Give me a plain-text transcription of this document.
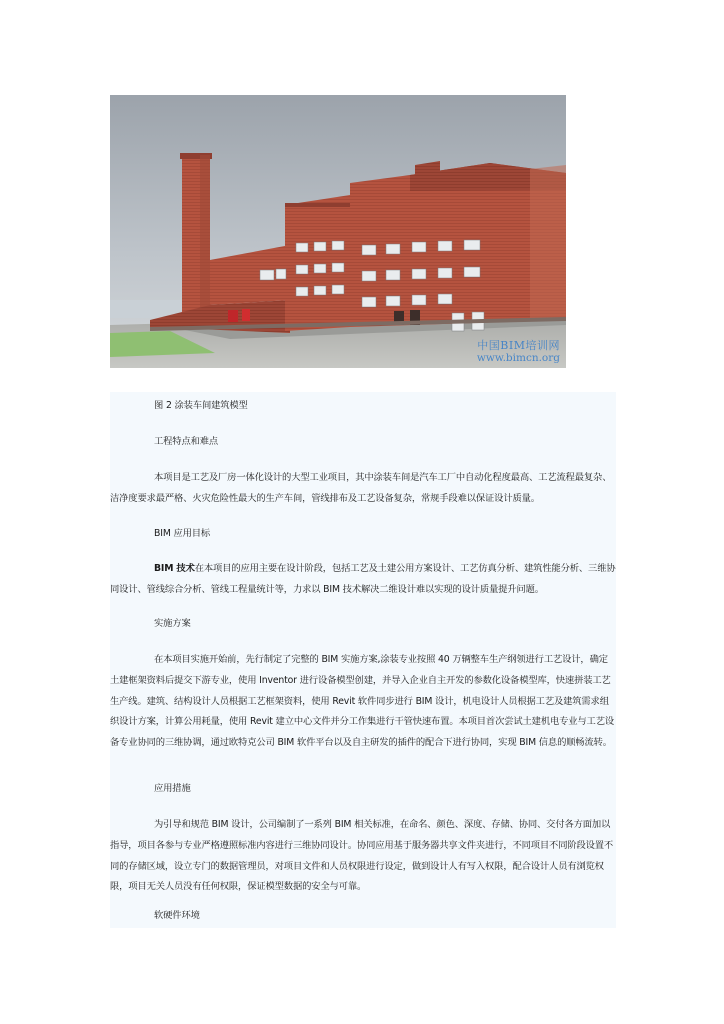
中国BIM培训网
www.bimcn.org
图 2 涂装车间建筑模型
工程特点和难点
本项目是工艺及厂房一体化设计的大型工业项目，其中涂装车间是汽车工厂中自动化程度最高、工艺流程最复杂、洁净度要求最严格、火灾危险性最大的生产车间，管线排布及工艺设备复杂，常规手段难以保证设计质量。
BIM 应用目标
BIM 技术在本项目的应用主要在设计阶段，包括工艺及土建公用方案设计、工艺仿真分析、建筑性能分析、三维协同设计、管线综合分析、管线工程量统计等，力求以 BIM 技术解决二维设计难以实现的设计质量提升问题。
实施方案
在本项目实施开始前，先行制定了完整的 BIM 实施方案,涂装专业按照 40 万辆整车生产纲领进行工艺设计，确定土建框架资料后提交下游专业，使用 Inventor 进行设备模型创建，并导入企业自主开发的参数化设备模型库，快速拼装工艺生产线。建筑、结构设计人员根据工艺框架资料，使用 Revit 软件同步进行 BIM 设计，机电设计人员根据工艺及建筑需求组织设计方案，计算公用耗量，使用 Revit 建立中心文件并分工作集进行干管快速布置。本项目首次尝试土建机电专业与工艺设备专业协同的三维协调，通过欧特克公司 BIM 软件平台以及自主研发的插件的配合下进行协同，实现 BIM 信息的顺畅流转。
应用措施
为引导和规范 BIM 设计，公司编制了一系列 BIM 相关标准，在命名、颜色、深度、存储、协同、交付各方面加以指导，项目各参与专业严格遵照标准内容进行三维协同设计。协同应用基于服务器共享文件夹进行，不同项目不同阶段设置不同的存储区域，设立专门的数据管理员，对项目文件和人员权限进行设定，做到设计人有写入权限，配合设计人员有浏览权限，项目无关人员没有任何权限，保证模型数据的安全与可靠。
软硬件环境
